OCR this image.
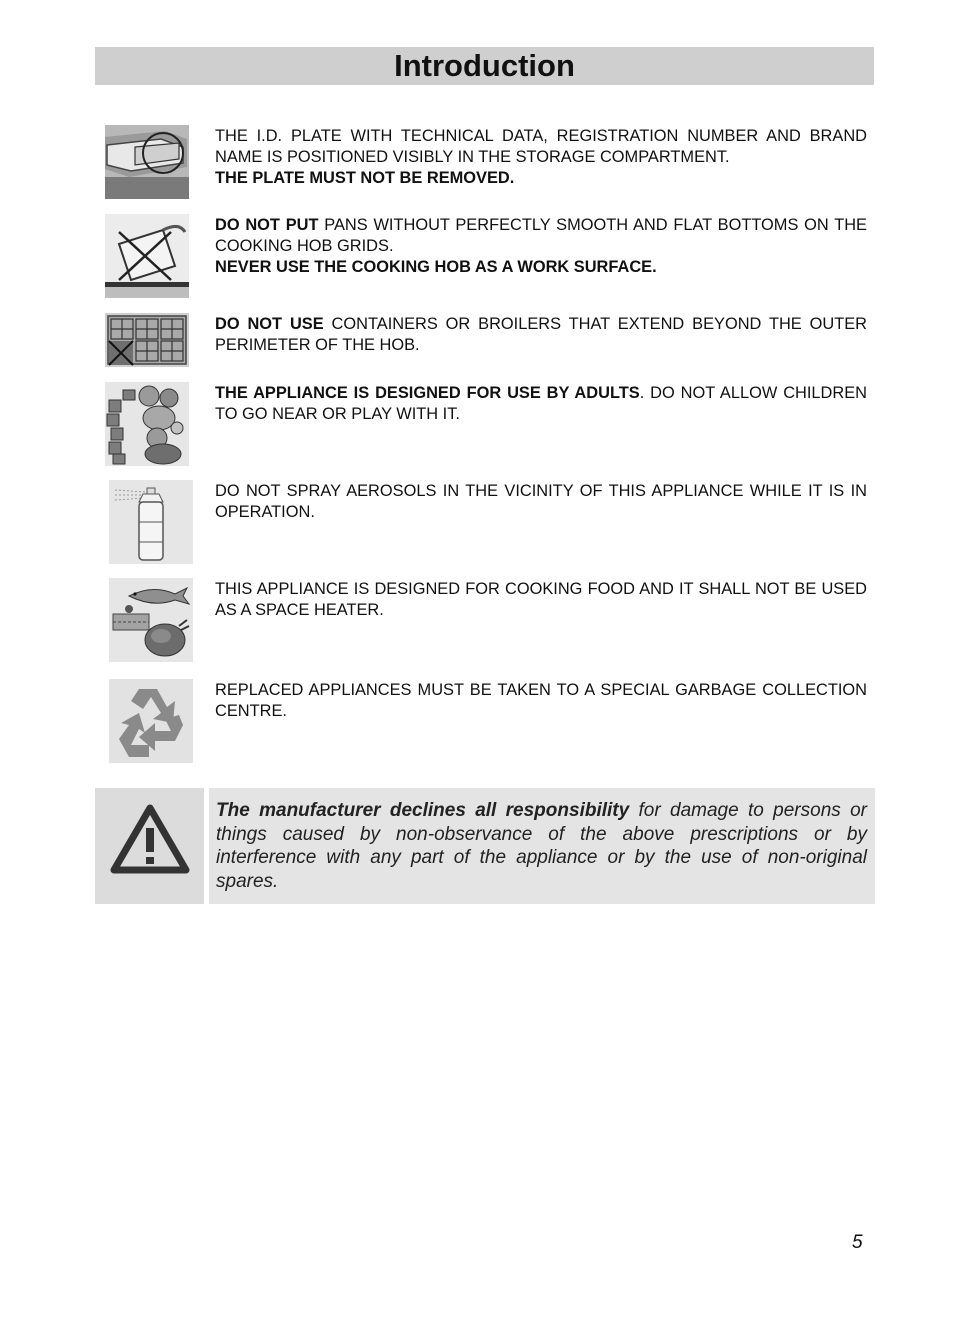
Introduction
THE I.D. PLATE WITH TECHNICAL DATA, REGISTRATION NUMBER AND BRAND NAME IS POSITIONED VISIBLY IN THE STORAGE COMPARTMENT.
THE PLATE MUST NOT BE REMOVED.
DO NOT PUT PANS WITHOUT PERFECTLY SMOOTH AND FLAT BOTTOMS ON THE COOKING HOB GRIDS.
NEVER USE THE COOKING HOB AS A WORK SURFACE.
DO NOT USE CONTAINERS OR BROILERS THAT EXTEND BEYOND THE OUTER PERIMETER OF THE HOB.
THE APPLIANCE IS DESIGNED FOR USE BY ADULTS. DO NOT ALLOW CHILDREN TO GO NEAR OR PLAY WITH IT.
DO NOT SPRAY AEROSOLS IN THE VICINITY OF THIS APPLIANCE WHILE IT IS IN OPERATION.
THIS APPLIANCE IS DESIGNED FOR COOKING FOOD AND IT SHALL NOT BE USED AS A SPACE HEATER.
REPLACED APPLIANCES MUST BE TAKEN TO A SPECIAL GARBAGE COLLECTION CENTRE.
The manufacturer declines all responsibility for damage to persons or things caused by non-observance of the above prescriptions or by interference with any part of the appliance or by the use of non-original spares.
5
